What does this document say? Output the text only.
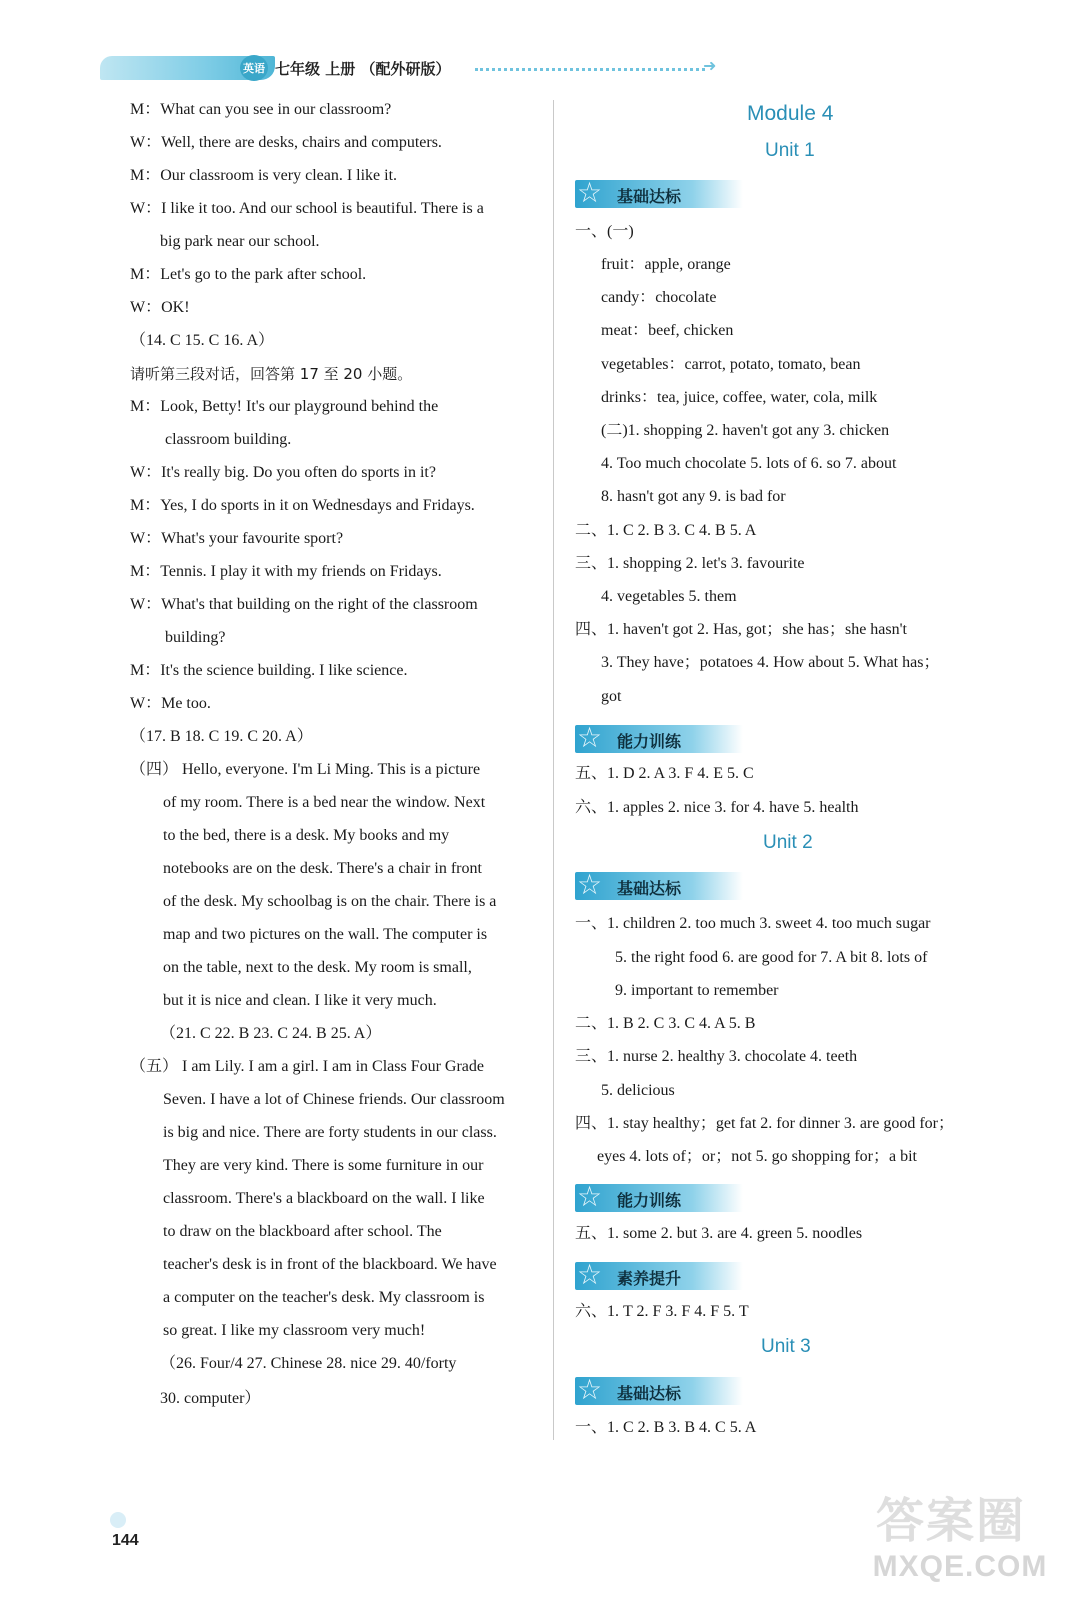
英语 七年级 上册 （配外研版）	➜
M：What can you see in our classroom?
W：Well, there are desks, chairs and computers.
M：Our classroom is very clean. I like it.
W：I like it too. And our school is beautiful. There is a
big park near our school.
M：Let's go to the park after school.
W：OK!
（14. C 15. C 16. A）
请听第三段对话，回答第 17 至 20 小题。
M：Look, Betty! It's our playground behind the
classroom building.
W：It's really big. Do you often do sports in it?
M：Yes, I do sports in it on Wednesdays and Fridays.
W：What's your favourite sport?
M：Tennis. I play it with my friends on Fridays.
W：What's that building on the right of the classroom
building?
M：It's the science building. I like science.
W：Me too.
（17. B 18. C 19. C 20. A）
（四） Hello, everyone. I'm Li Ming. This is a picture
of my room. There is a bed near the window. Next
to the bed, there is a desk. My books and my
notebooks are on the desk. There's a chair in front
of the desk. My schoolbag is on the chair. There is a
map and two pictures on the wall. The computer is
on the table, next to the desk. My room is small,
but it is nice and clean. I like it very much.
（21. C 22. B 23. C 24. B 25. A）
（五） I am Lily. I am a girl. I am in Class Four Grade
Seven. I have a lot of Chinese friends. Our classroom
is big and nice. There are forty students in our class.
They are very kind. There is some furniture in our
classroom. There's a blackboard on the wall. I like
to draw on the blackboard after school. The
teacher's desk is in front of the blackboard. We have
a computer on the teacher's desk. My classroom is
so great. I like my classroom very much!
（26. Four/4 27. Chinese 28. nice 29. 40/forty
30. computer）
Module 4
Unit 1
☆ 基础达标
一、(一)
fruit：apple, orange
candy：chocolate
meat：beef, chicken
vegetables：carrot, potato, tomato, bean
drinks：tea, juice, coffee, water, cola, milk
(二)1. shopping 2. haven't got any 3. chicken
4. Too much chocolate 5. lots of 6. so 7. about
8. hasn't got any 9. is bad for
二、1. C 2. B 3. C 4. B 5. A
三、1. shopping 2. let's 3. favourite
4. vegetables 5. them
四、1. haven't got 2. Has, got；she has；she hasn't
3. They have；potatoes 4. How about 5. What has；
got
☆ 能力训练
五、1. D 2. A 3. F 4. E 5. C
六、1. apples 2. nice 3. for 4. have 5. health
Unit 2
☆ 基础达标
一、1. children 2. too much 3. sweet 4. too much sugar
5. the right food 6. are good for 7. A bit 8. lots of
9. important to remember
二、1. B 2. C 3. C 4. A 5. B
三、1. nurse 2. healthy 3. chocolate 4. teeth
5. delicious
四、1. stay healthy；get fat 2. for dinner 3. are good for；
eyes 4. lots of；or；not 5. go shopping for；a bit
☆ 能力训练
五、1. some 2. but 3. are 4. green 5. noodles
☆ 素养提升
六、1. T 2. F 3. F 4. F 5. T
Unit 3
☆ 基础达标
一、1. C 2. B 3. B 4. C 5. A
144	答案圈
MXQE.COM
